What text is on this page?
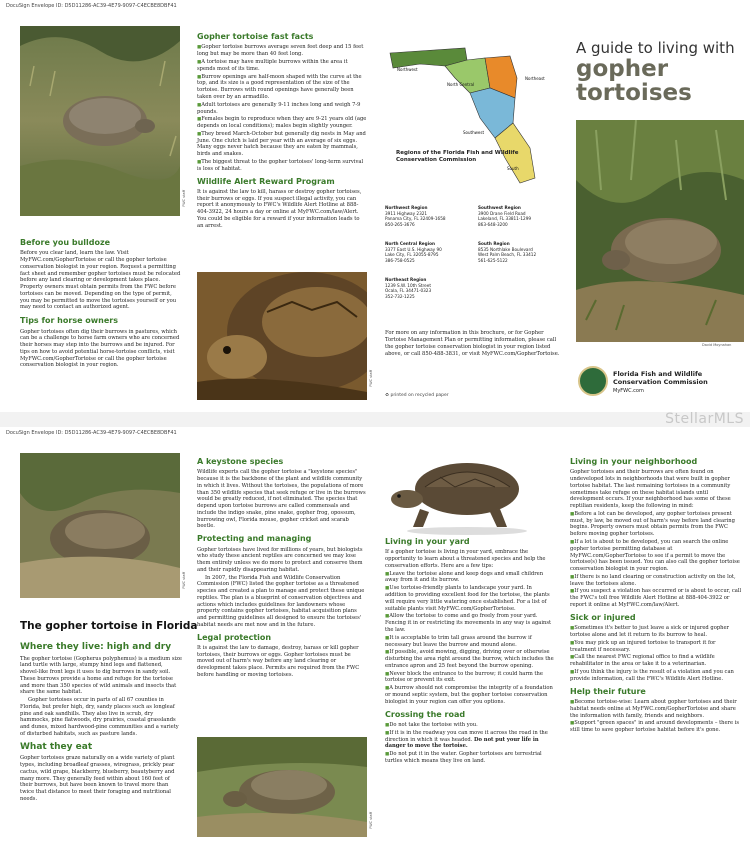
DocuSign Envelope ID: D5D11286-AC39-4E79-9097-C4ECBE8DBF41
FWC staff
Before you bulldoze

Before you clear land, learn the law. Visit MyFWC.com/GopherTortoise or call the gopher tortoise conservation biologist in your region. Request a permitting fact sheet and remember gopher tortoises must be relocated before any land clearing or development takes place. Property owners must obtain permits from the FWC before tortoises can be moved. Depending on the type of permit, you may be permitted to move the tortoises yourself or you may need to contact an authorized agent.

Tips for horse owners

Gopher tortoises often dig their burrows in pastures, which can be a challenge to horse farm owners who are concerned their horses may step into the burrows and be injured. For tips on how to avoid potential horse-tortoise conflicts, visit MyFWC.com/GopherTortoise or call the gopher tortoise conservation biologist in your region.

Gopher tortoise fast facts

■ Gopher tortoise burrows average seven feet deep and 15 feet long but may be more than 40 feet long.

■ A tortoise may have multiple burrows within the area it spends most of its time.

■ Burrow openings are half-moon shaped with the curve at the top, and its size is a good representation of the size of the tortoise. Burrows with round openings have generally been taken over by an armadillo.

■ Adult tortoises are generally 9-11 inches long and weigh 7-9 pounds.

■ Females begin to reproduce when they are 9-21 years old (age depends on local conditions); males begin slightly younger.

■ They breed March-October but generally dig nests in May and June. One clutch is laid per year with an average of six eggs. Many eggs never hatch because they are eaten by mammals, birds and snakes.

■ The biggest threat to the gopher tortoises' long-term survival is loss of habitat.

Wildlife Alert Reward Program

It is against the law to kill, harass or destroy gopher tortoises, their burrows or eggs. If you suspect illegal activity, you can report it anonymously to FWC's Wildlife Alert Hotline at 888-404-3922, 24 hours a day or online at MyFWC.com/law/Alert. You could be eligible for a reward if your information leads to an arrest.

FWC staff
Northwest
North Central
Northeast
Southwest
South
Regions of the Florida Fish and Wildlife Conservation Commission
Northwest Region
3911 Highway 2321
Panama City, FL 32409-1658
850-265-3676
Southwest Region
3900 Drane Field Road
Lakeland, FL 33811-1299
863-648-3200
North Central Region
3377 East U.S. Highway 90
Lake City, FL 32055-8795
386-758-0525
South Region
8535 Northlake Boulevard
West Palm Beach, FL 33412
561-625-5122
Northeast Region
1239 S.W. 10th Street
Ocala, FL 34471-0323
352-732-1225
For more on any information in this brochure, or for Gopher Tortoise Management Plan or permitting information, please call the gopher tortoise conservation biologist in your region listed above, or call 850-488-3831, or visit MyFWC.com/GopherTortoise.
♻ printed on recycled paper
A guide to living with
gopher
tortoises
David Moynahan
Florida Fish and Wildlife
Conservation Commission
MyFWC.com
DocuSign Envelope ID: D5D11286-AC39-4E79-9097-C4ECBE8DBF41
FWC staff
The gopher tortoise in Florida
Where they live: high and dry

The gopher tortoise (Gopherus polyphemus) is a medium size land turtle with large, stumpy hind legs and flattened, shovel-like front legs it uses to dig burrows in sandy soil. These burrows provide a home and refuge for the tortoise and more than 350 species of wild animals and insects that share the same habitat.

Gopher tortoises occur in parts of all 67 counties in Florida, but prefer high, dry, sandy places such as longleaf pine and oak sandhills. They also live in scrub, dry hammocks, pine flatwoods, dry prairies, coastal grasslands and dunes, mixed hardwood-pine communities and a variety of disturbed habitats, such as pasture lands.

What they eat

Gopher tortoises graze naturally on a wide variety of plant types, including broadleaf grasses, wiregrass, prickly pear cactus, wild grape, blackberry, blueberry, beautyberry and many more. They generally feed within about 160 feet of their burrows, but have been known to travel more than twice that distance to meet their foraging and nutritional needs.

A keystone species

Wildlife experts call the gopher tortoise a "keystone species" because it is the backbone of the plant and wildlife community in which it lives. Without the tortoises, the populations of more than 350 wildlife species that seek refuge or live in the burrows would be greatly reduced, if not eliminated. The species that depend upon tortoise burrows are called commensals and include the indigo snake, pine snake, gopher frog, opossum, burrowing owl, Florida mouse, gopher cricket and scarab beetle.

Protecting and managing

Gopher tortoises have lived for millions of years, but biologists who study these ancient reptiles are concerned we may lose them entirely unless we do more to protect and conserve them and their rapidly disappearing habitat.

In 2007, the Florida Fish and Wildlife Conservation Commission (FWC) listed the gopher tortoise as a threatened species and created a plan to manage and protect these unique reptiles. The plan is a blueprint of conservation objectives and actions which includes guidelines for landowners whose property contains gopher tortoises, habitat acquisition plans and permitting guidelines all designed to ensure the tortoises' habitat needs are met now and in the future.

Legal protection

It is against the law to damage, destroy, harass or kill gopher tortoises, their burrows or eggs. Gopher tortoises must be moved out of harm's way before any land clearing or development takes place. Permits are required from the FWC before handling or moving tortoises.

FWC staff
Living in your yard

If a gopher tortoise is living in your yard, embrace the opportunity to learn about a threatened species and help the conservation efforts. Here are a few tips:

■ Leave the tortoise alone and keep dogs and small children away from it and its burrow.

■ Use tortoise-friendly plants to landscape your yard. In addition to providing excellent food for the tortoise, the plants will require very little watering once established. For a list of suitable plants visit MyFWC.com/GopherTortoise.

■ Allow the tortoise to come and go freely from your yard. Fencing it in or restricting its movements in any way is against the law.

■ It is acceptable to trim tall grass around the burrow if necessary but leave the burrow and mound alone.

■ If possible, avoid mowing, digging, driving over or otherwise disturbing the area right around the burrow, which includes the entrance apron and 25 feet beyond the burrow opening.

■ Never block the entrance to the burrow; it could harm the tortoise or prevent its exit.

■ A burrow should not compromise the integrity of a foundation or mound septic system, but the gopher tortoise conservation biologist in your region can offer you options.

Crossing the road

■ Do not take the tortoise with you.

■ If it is in the roadway you can move it across the road in the direction in which it was headed. Do not put your life in danger to move the tortoise.

■ Do not put it in the water. Gopher tortoises are terrestrial turtles which means they live on land.

Living in your neighborhood

Gopher tortoises and their burrows are often found on undeveloped lots in neighborhoods that were built in gopher tortoise habitat. The last remaining tortoises in a community sometimes take refuge on these habitat islands until development occurs. If your neighborhood has some of these reptilian residents, keep the following in mind:

■ Before a lot can be developed, any gopher tortoises present must, by law, be moved out of harm's way before land clearing begins. Property owners must obtain permits from the FWC before moving gopher tortoises.

■ If a lot is about to be developed, you can search the online gopher tortoise permitting database at MyFWC.com/GopherTortoise to see if a permit to move the tortoise(s) has been issued. You can also call the gopher tortoise conservation biologist in your region.

■ If there is no land clearing or construction activity on the lot, leave the tortoises alone.

■ If you suspect a violation has occurred or is about to occur, call the FWC's toll free Wildlife Alert Hotline at 888-404-3922 or report it online at MyFWC.com/law/Alert.

Sick or injured

■ Sometimes it's better to just leave a sick or injured gopher tortoise alone and let it return to its burrow to heal.

■ You may pick up an injured tortoise to transport it for treatment if necessary.

■ Call the nearest FWC regional office to find a wildlife rehabilitator in the area or take it to a veterinarian.

■ If you think the injury is the result of a violation and you can provide information, call the FWC's Wildlife Alert Hotline.

Help their future

■ Become tortoise-wise: Learn about gopher tortoises and their habitat needs online at MyFWC.com/GopherTortoise and share the information with family, friends and neighbors.

■ Support "green spaces" in and around developments – there is still time to save gopher tortoise habitat before it's gone.

StellarMLS
